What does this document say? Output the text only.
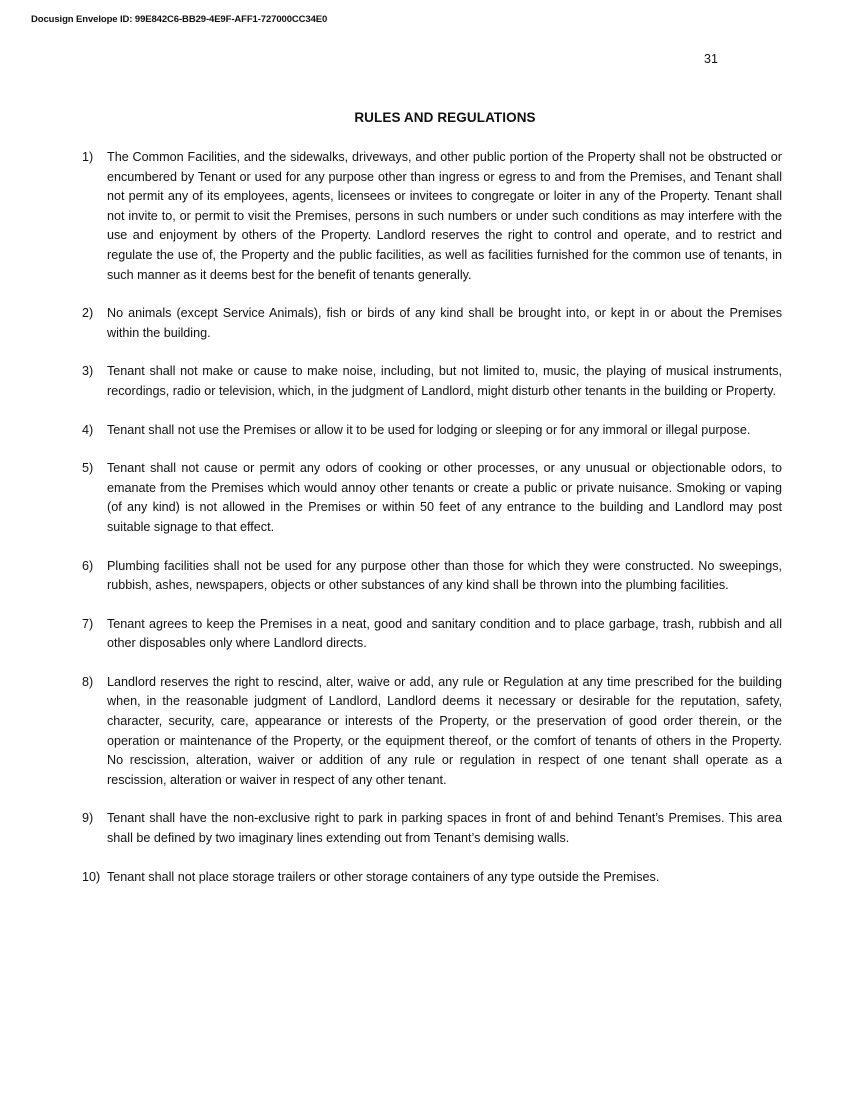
Docusign Envelope ID: 99E842C6-BB29-4E9F-AFF1-727000CC34E0
31
RULES AND REGULATIONS
1) The Common Facilities, and the sidewalks, driveways, and other public portion of the Property shall not be obstructed or encumbered by Tenant or used for any purpose other than ingress or egress to and from the Premises, and Tenant shall not permit any of its employees, agents, licensees or invitees to congregate or loiter in any of the Property. Tenant shall not invite to, or permit to visit the Premises, persons in such numbers or under such conditions as may interfere with the use and enjoyment by others of the Property. Landlord reserves the right to control and operate, and to restrict and regulate the use of, the Property and the public facilities, as well as facilities furnished for the common use of tenants, in such manner as it deems best for the benefit of tenants generally.
2) No animals (except Service Animals), fish or birds of any kind shall be brought into, or kept in or about the Premises within the building.
3) Tenant shall not make or cause to make noise, including, but not limited to, music, the playing of musical instruments, recordings, radio or television, which, in the judgment of Landlord, might disturb other tenants in the building or Property.
4) Tenant shall not use the Premises or allow it to be used for lodging or sleeping or for any immoral or illegal purpose.
5) Tenant shall not cause or permit any odors of cooking or other processes, or any unusual or objectionable odors, to emanate from the Premises which would annoy other tenants or create a public or private nuisance. Smoking or vaping (of any kind) is not allowed in the Premises or within 50 feet of any entrance to the building and Landlord may post suitable signage to that effect.
6) Plumbing facilities shall not be used for any purpose other than those for which they were constructed. No sweepings, rubbish, ashes, newspapers, objects or other substances of any kind shall be thrown into the plumbing facilities.
7) Tenant agrees to keep the Premises in a neat, good and sanitary condition and to place garbage, trash, rubbish and all other disposables only where Landlord directs.
8) Landlord reserves the right to rescind, alter, waive or add, any rule or Regulation at any time prescribed for the building when, in the reasonable judgment of Landlord, Landlord deems it necessary or desirable for the reputation, safety, character, security, care, appearance or interests of the Property, or the preservation of good order therein, or the operation or maintenance of the Property, or the equipment thereof, or the comfort of tenants of others in the Property. No rescission, alteration, waiver or addition of any rule or regulation in respect of one tenant shall operate as a rescission, alteration or waiver in respect of any other tenant.
9) Tenant shall have the non-exclusive right to park in parking spaces in front of and behind Tenant’s Premises. This area shall be defined by two imaginary lines extending out from Tenant’s demising walls.
10) Tenant shall not place storage trailers or other storage containers of any type outside the Premises.
